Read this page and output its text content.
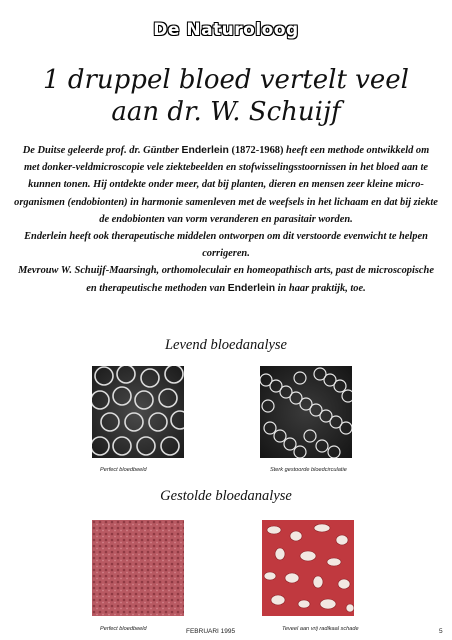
De Naturoloog
1 druppel bloed vertelt veel
aan dr. W. Schuijf
De Duitse geleerde prof. dr. Güntber Enderlein (1872-1968) heeft een methode ontwikkeld om met donker-veldmicroscopie vele ziektebeelden en stofwisselingsstoornissen in het bloed aan te kunnen tonen. Hij ontdekte onder meer, dat bij planten, dieren en mensen zeer kleine micro-organismen (endobionten) in harmonie samenleven met de weefsels in het lichaam en dat bij ziekte de endobionten van vorm veranderen en parasitair worden.
Enderlein heeft ook therapeutische middelen ontworpen om dit verstoorde evenwicht te helpen corrigeren.
Mevrouw W. Schuijf-Maarsingh, orthomoleculair en homeopathisch arts, past de microscopische en therapeutische methoden van Enderlein in haar praktijk, toe.
Levend bloedanalyse
Perfect bloedbeeld	Sterk gestoorde bloedcirculatie
Gestolde bloedanalyse
Perfect bloedbeeld	Teveel aan vrij radikaal schade
FEBRUARI 1995	5
